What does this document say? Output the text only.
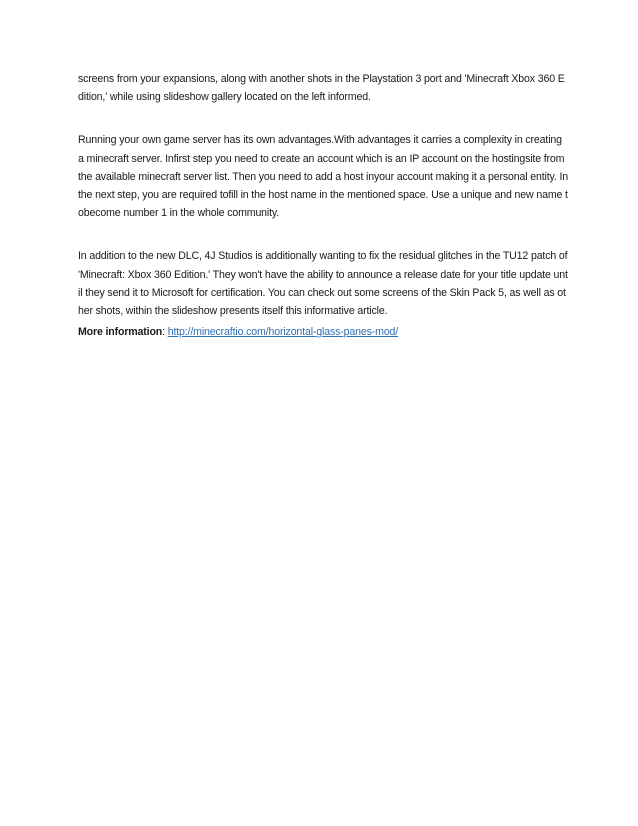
screens from your expansions, along with another shots in the Playstation 3 port and 'Minecraft Xbox 360 Edition,' while using slideshow gallery located on the left informed.

Running your own game server has its own advantages.With advantages it carries a complexity in creating a minecraft server. Infirst step you need to create an account which is an IP account on the hostingsite from the available minecraft server list. Then you need to add a host inyour account making it a personal entity. In the next step, you are required tofill in the host name in the mentioned space. Use a unique and new name tobecome number 1 in the whole community.

In addition to the new DLC, 4J Studios is additionally wanting to fix the residual glitches in the TU12 patch of 'Minecraft: Xbox 360 Edition.' They won't have the ability to announce a release date for your title update until they send it to Microsoft for certification. You can check out some screens of the Skin Pack 5, as well as other shots, within the slideshow presents itself this informative article.

More information: http://minecraftio.com/horizontal-glass-panes-mod/
